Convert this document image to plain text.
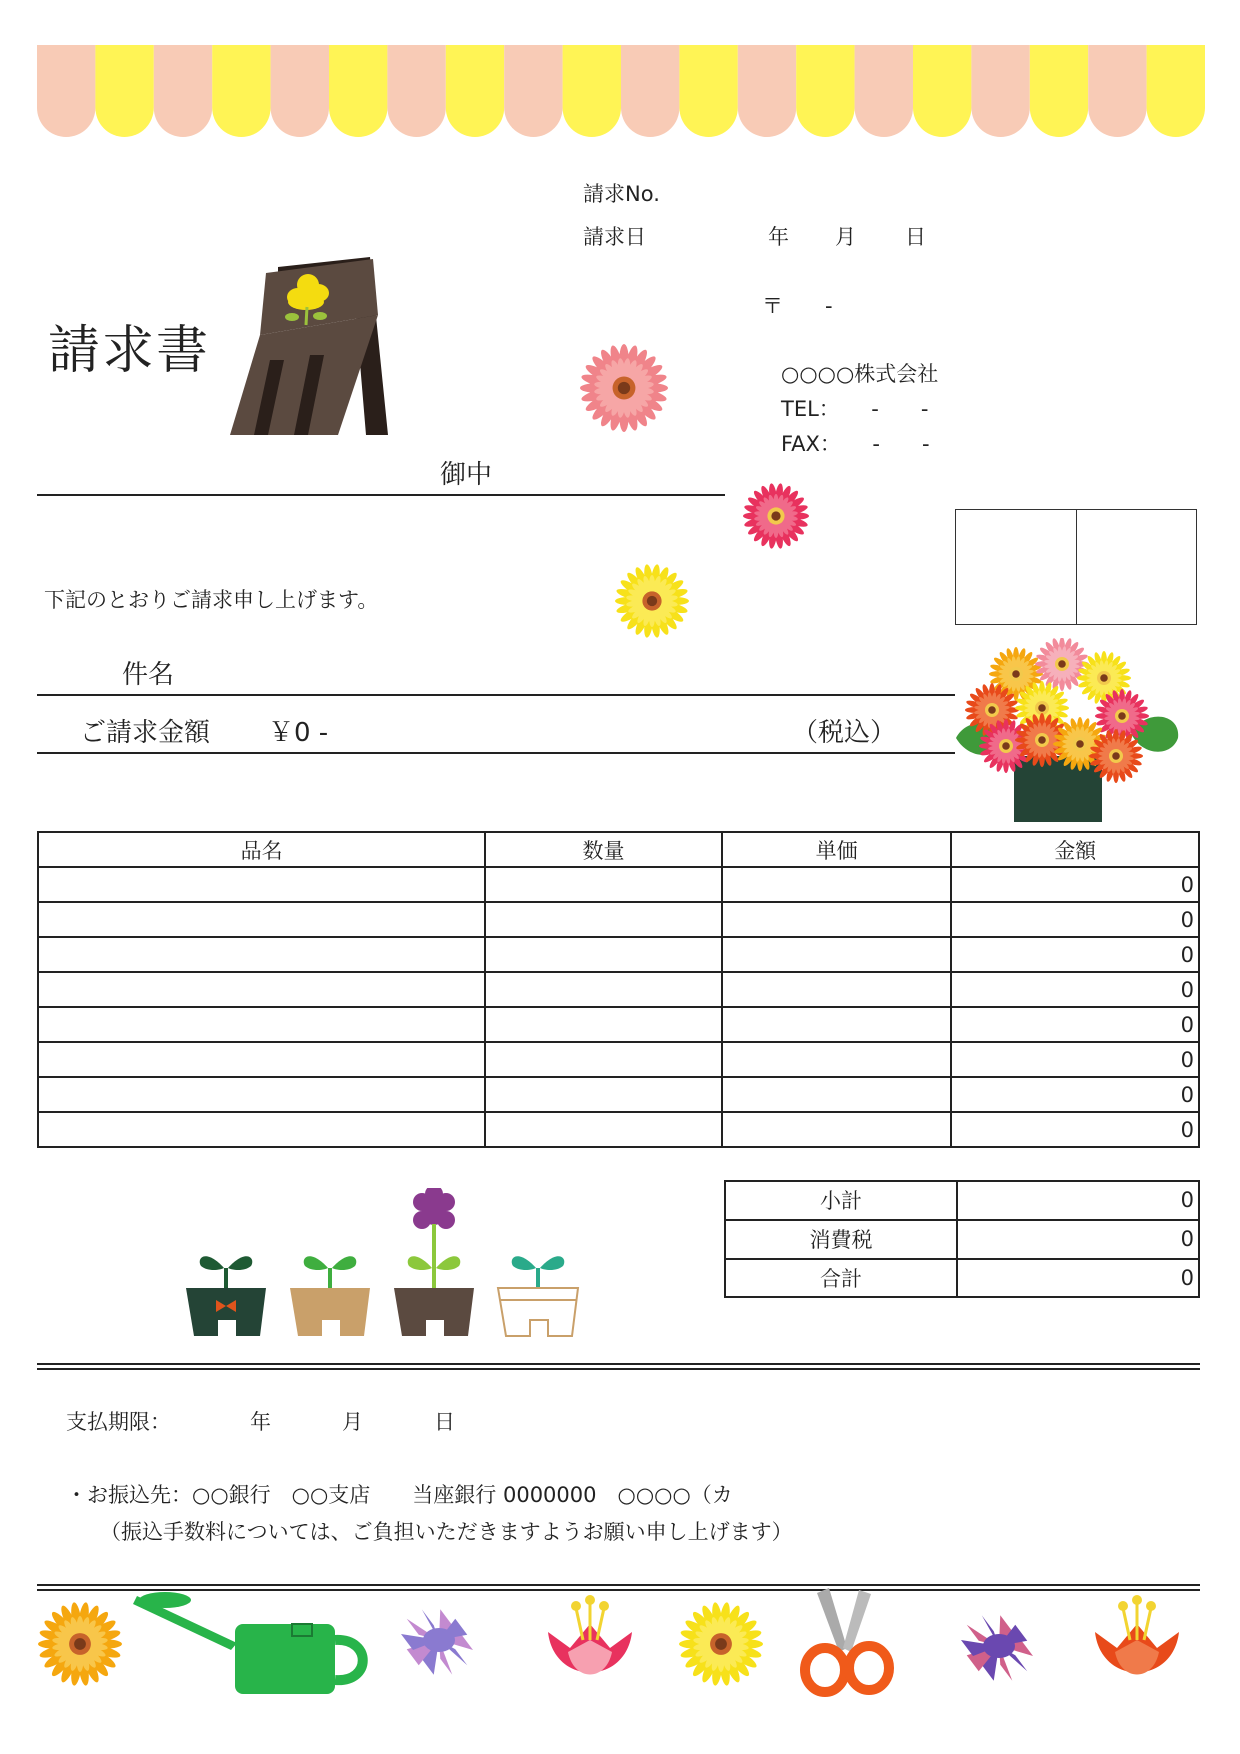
請求書
請求No.
請求日	年 月 日
〒　　-
○○○○株式会社
TEL：　　-　　-
FAX：　　-　　-
御中
下記のとおりご請求申し上げます。
件名
ご請求金額 ￥0 -	（税込）
品名	数量	単価	金額
			0
			0
			0
			0
			0
			0
			0
			0
小計	0
消費税	0
合計	0
支払期限：	年	月	日
・お振込先：○○銀行　○○支店　　当座銀行 0000000　○○○○（カ
（振込手数料については、ご負担いただきますようお願い申し上げます）
